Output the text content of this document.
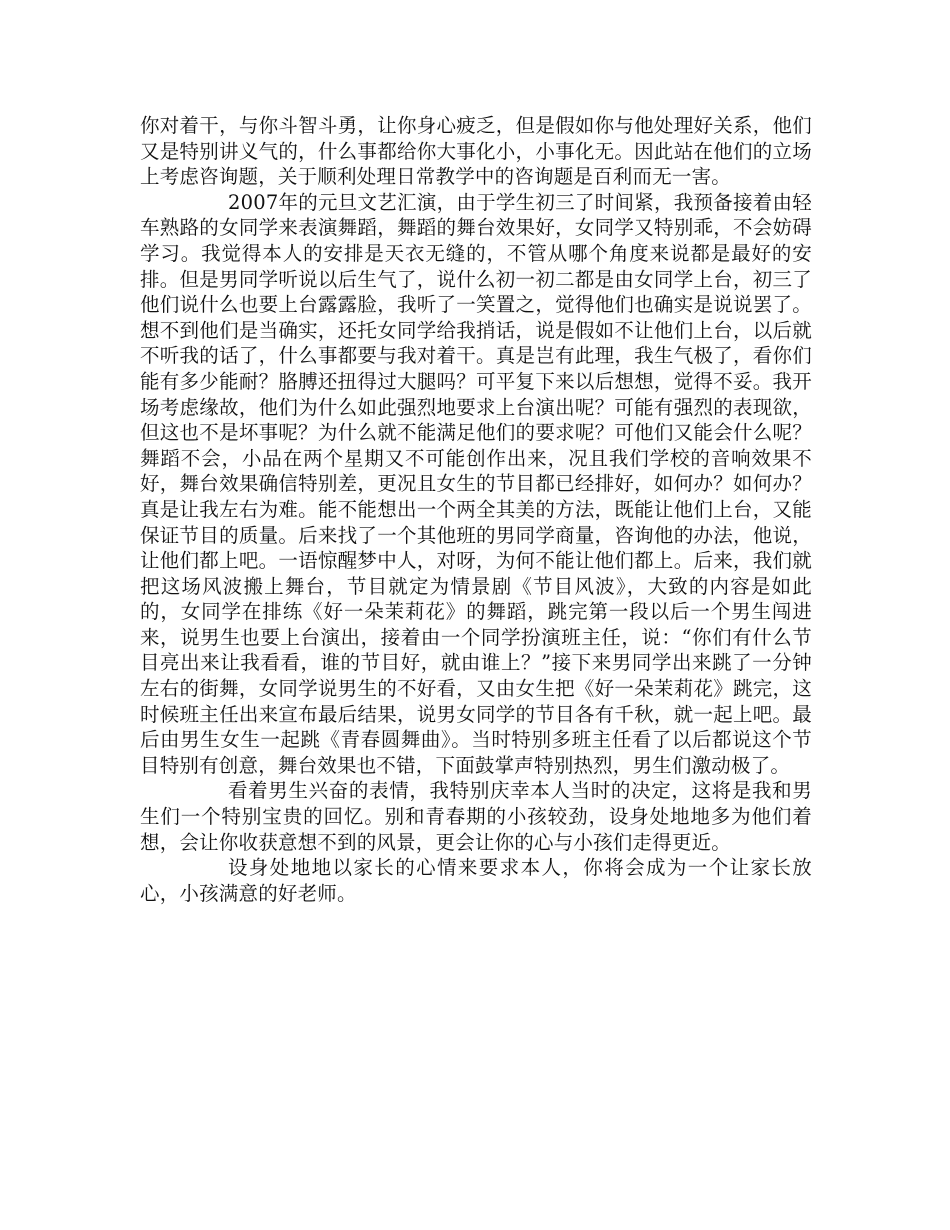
你对着干，与你斗智斗勇，让你身心疲乏，但是假如你与他处理好关系，他们又是特别讲义气的，什么事都给你大事化小，小事化无。因此站在他们的立场上考虑咨询题，关于顺利处理日常教学中的咨询题是百利而无一害。

2007年的元旦文艺汇演，由于学生初三了时间紧，我预备接着由轻车熟路的女同学来表演舞蹈，舞蹈的舞台效果好，女同学又特别乖，不会妨碍学习。我觉得本人的安排是天衣无缝的，不管从哪个角度来说都是最好的安排。但是男同学听说以后生气了，说什么初一初二都是由女同学上台，初三了他们说什么也要上台露露脸，我听了一笑置之，觉得他们也确实是说说罢了。想不到他们是当确实，还托女同学给我捎话，说是假如不让他们上台，以后就不听我的话了，什么事都要与我对着干。真是岂有此理，我生气极了，看你们能有多少能耐？胳膊还扭得过大腿吗？可平复下来以后想想，觉得不妥。我开场考虑缘故，他们为什么如此强烈地要求上台演出呢？可能有强烈的表现欲，但这也不是坏事呢？为什么就不能满足他们的要求呢？可他们又能会什么呢？舞蹈不会，小品在两个星期又不可能创作出来，况且我们学校的音响效果不好，舞台效果确信特别差，更况且女生的节目都已经排好，如何办？如何办？真是让我左右为难。能不能想出一个两全其美的方法，既能让他们上台，又能保证节目的质量。后来找了一个其他班的男同学商量，咨询他的办法，他说，让他们都上吧。一语惊醒梦中人，对呀，为何不能让他们都上。后来，我们就把这场风波搬上舞台，节目就定为情景剧《节目风波》，大致的内容是如此的，女同学在排练《好一朵茉莉花》的舞蹈，跳完第一段以后一个男生闯进来，说男生也要上台演出，接着由一个同学扮演班主任，说：“你们有什么节目亮出来让我看看，谁的节目好，就由谁上？”接下来男同学出来跳了一分钟左右的街舞，女同学说男生的不好看，又由女生把《好一朵茉莉花》跳完，这时候班主任出来宣布最后结果，说男女同学的节目各有千秋，就一起上吧。最后由男生女生一起跳《青春圆舞曲》。当时特别多班主任看了以后都说这个节目特别有创意，舞台效果也不错，下面鼓掌声特别热烈，男生们激动极了。

看着男生兴奋的表情，我特别庆幸本人当时的决定，这将是我和男生们一个特别宝贵的回忆。别和青春期的小孩较劲，设身处地地多为他们着想，会让你收获意想不到的风景，更会让你的心与小孩们走得更近。

设身处地地以家长的心情来要求本人，你将会成为一个让家长放心，小孩满意的好老师。
